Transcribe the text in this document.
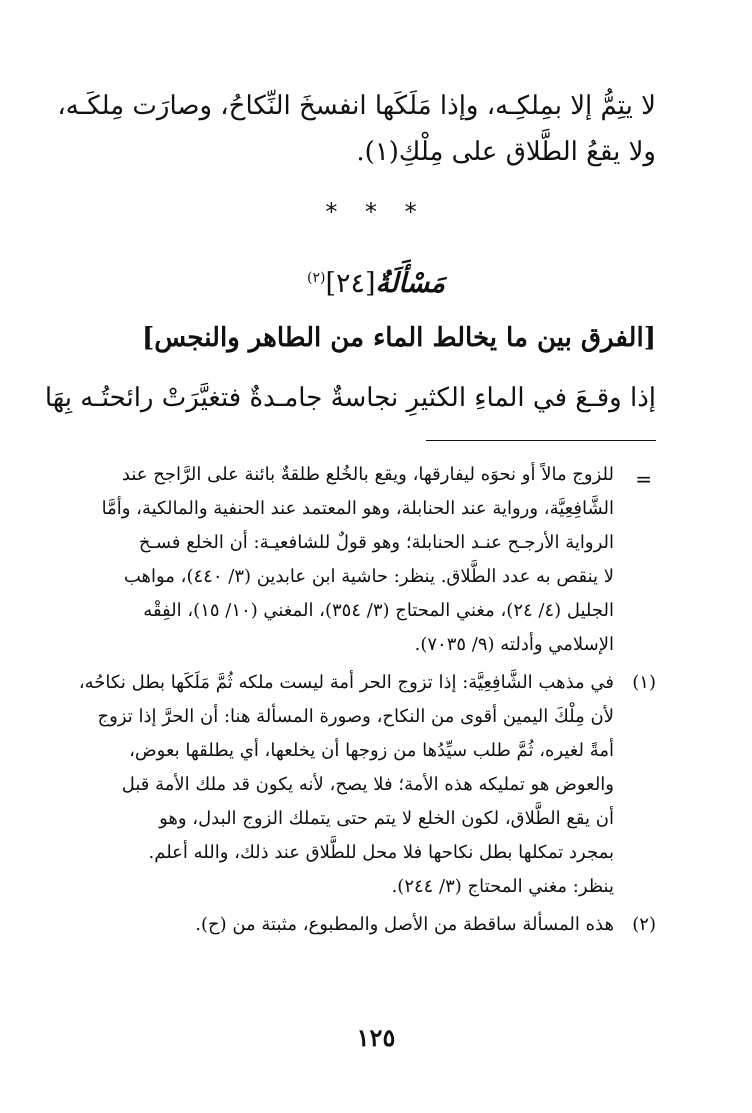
لا يتِمُّ إلا بمِلكِـه، وإذا مَلَكَها انفسخَ النِّكاحُ، وصارَت مِلكَـه،
ولا يقعُ الطَّلاق على مِلْكِ(١).
* * *
مَسْأَلَةٌ[٢٤]$^{(٢)}$
[الفرق بين ما يخالط الماء من الطاهر والنجس]
إذا وقـعَ في الماءِ الكثيرِ نجاسةٌ جامـدةٌ فتغيَّرَتْ رائحتُـه بِهَا
=
للزوج مالاً أو نحوَه ليفارقها، ويقع بالخُلع طلقةٌ بائنة على الرَّاجح عند
الشَّافِعِيَّة، ورواية عند الحنابلة، وهو المعتمد عند الحنفية والمالكية، وأمَّا
الرواية الأرجـح عنـد الحنابلة؛ وهو قولٌ للشافعيـة: أن الخلع فسـخ
لا ينقص به عدد الطَّلاق. ينظر: حاشية ابن عابدين (٣/ ٤٤٠)، مواهب
الجليل (٤/ ٢٤)، مغني المحتاج (٣/ ٣٥٤)، المغني (١٠/ ١٥)، الفِقْه
الإسلامي وأدلته (٩/ ٧٠٣٥).
(١)
في مذهب الشَّافِعِيَّة: إذا تزوج الحر أمة ليست ملكه ثُمَّ مَلَكَها بطل نكاحُه،
لأن مِلْكَ اليمين أقوى من النكاح، وصورة المسألة هنا: أن الحرَّ إذا تزوج
أمةً لغيره، ثُمَّ طلب سيِّدُها من زوجها أن يخلعها، أي يطلقها بعوض،
والعوض هو تمليكه هذه الأمة؛ فلا يصح، لأنه يكون قد ملك الأمة قبل
أن يقع الطَّلاق، لكون الخلع لا يتم حتى يتملك الزوج البدل، وهو
بمجرد تمكلها بطل نكاحها فلا محل للطَّلاق عند ذلك، والله أعلم.
ينظر: مغني المحتاج (٣/ ٢٤٤).
(٢)
هذه المسألة ساقطة من الأصل والمطبوع، مثبتة من (ح).
١٢٥
